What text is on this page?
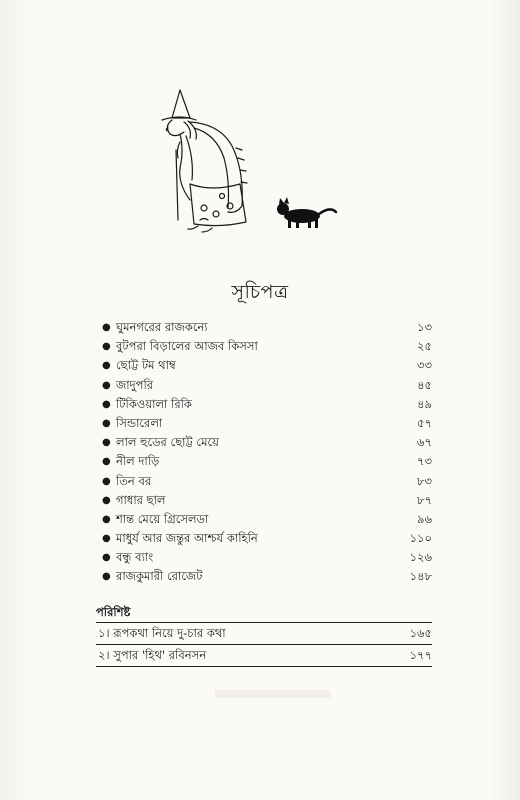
সূচিপত্র
● ঘুমনগরের রাজকন্যে	১৩
● বুটপরা বিড়ালের আজব কিসসা	২৫
● ছোট্ট টম থাম্ব	৩৩
● জাদুপরি	৪৫
● টিকিওয়ালা রিকি	৪৯
● সিন্ডারেলা	৫৭
● লাল হুডের ছোট্ট মেয়ে	৬৭
● নীল দাড়ি	৭৩
● তিন বর	৮৩
● গাধার ছাল	৮৭
● শান্ত মেয়ে গ্রিসেলডা	৯৬
● মাধুর্য আর জন্তুর আশ্চর্য কাহিনি	১১০
● বন্ধু ব্যাং	১২৬
● রাজকুমারী রোজেট	১৪৮
পরিশিষ্ট
১। রূপকথা নিয়ে দু-চার কথা	১৬৫
২। সুপার 'হিথ' রবিনসন	১৭৭
